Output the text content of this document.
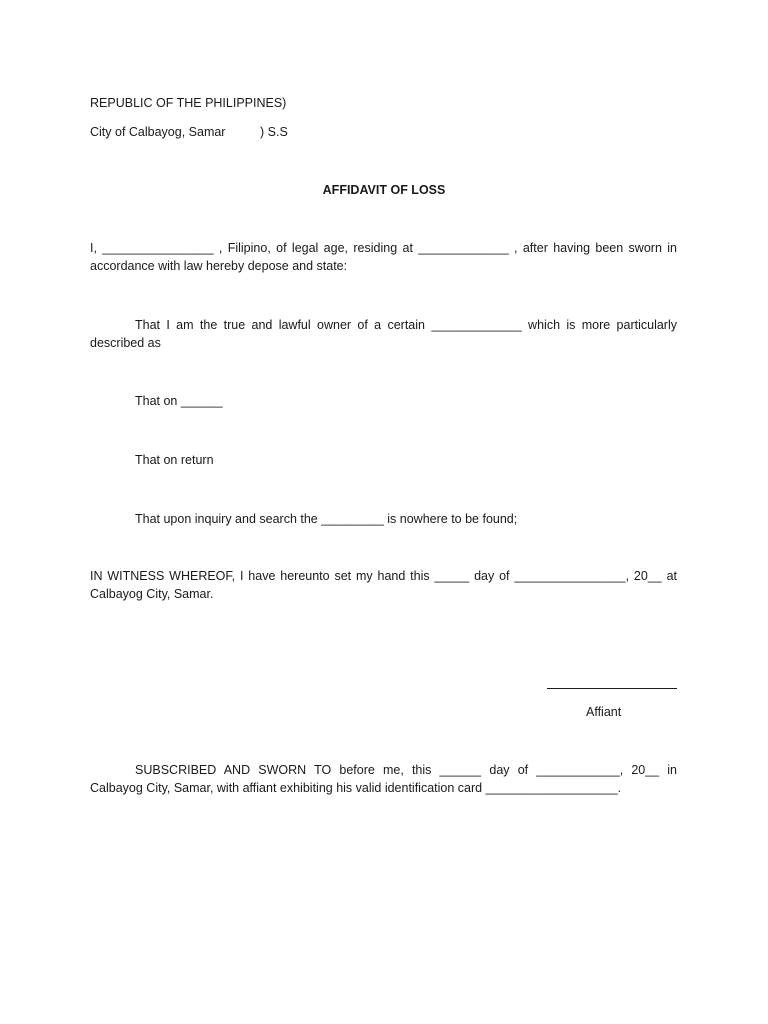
REPUBLIC OF THE PHILIPPINES)
City of Calbayog, Samar	) S.S
AFFIDAVIT OF LOSS
I, ________________ , Filipino, of legal age, residing at _____________ , after having been sworn in accordance with law hereby depose and state:
That I am the true and lawful owner of a certain _____________ which is more particularly described as
That on ______
That on return
That upon inquiry and search the _________ is nowhere to be found;
IN WITNESS WHEREOF, I have hereunto set my hand this _____ day of ________________, 20__ at Calbayog City, Samar.
Affiant
SUBSCRIBED AND SWORN TO before me, this ______ day of ____________, 20__ in Calbayog City, Samar, with affiant exhibiting his valid identification card ___________________.
